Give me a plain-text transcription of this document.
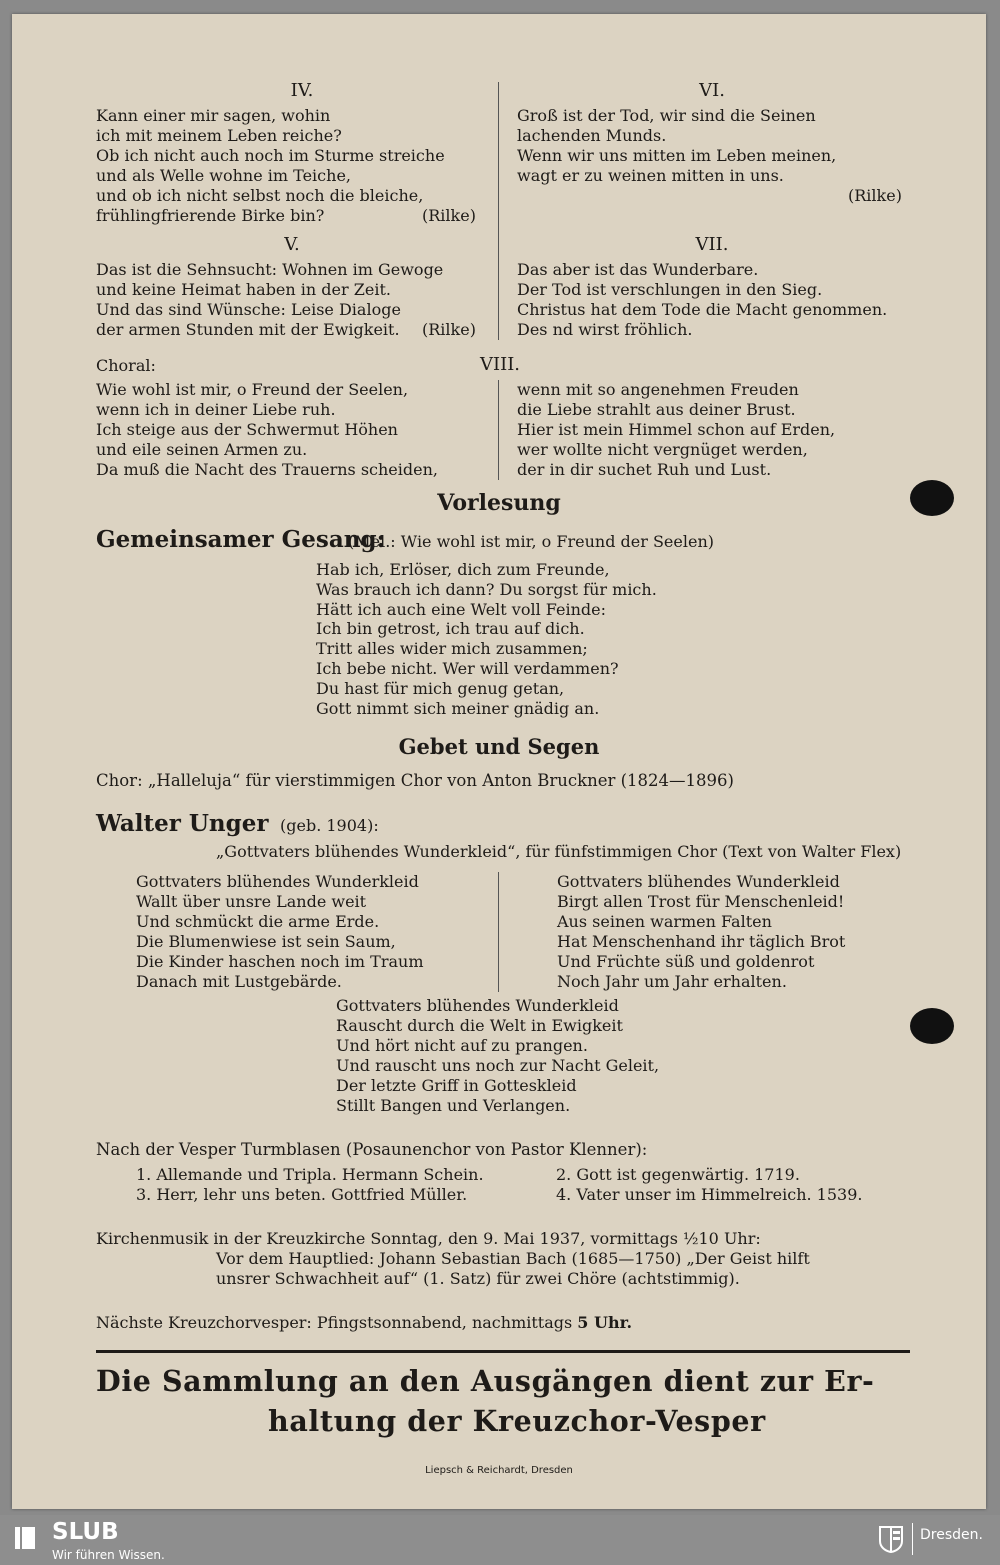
IV.
Kann einer mir sagen, wohin
ich mit meinem Leben reiche?
Ob ich nicht auch noch im Sturme streiche
und als Welle wohne im Teiche,
und ob ich nicht selbst noch die bleiche,
frühlingfrierende Birke bin?	(Rilke)
V.
Das ist die Sehnsucht: Wohnen im Gewoge
und keine Heimat haben in der Zeit.
Und das sind Wünsche: Leise Dialoge
der armen Stunden mit der Ewigkeit.	(Rilke)
VI.
Groß ist der Tod, wir sind die Seinen
lachenden Munds.
Wenn wir uns mitten im Leben meinen,
wagt er zu weinen mitten in uns.
(Rilke)
VII.
Das aber ist das Wunderbare.
Der Tod ist verschlungen in den Sieg.
Christus hat dem Tode die Macht genommen.
Des nd wirst fröhlich.
Choral:	VIII.
Wie wohl ist mir, o Freund der Seelen,
wenn ich in deiner Liebe ruh.
Ich steige aus der Schwermut Höhen
und eile seinen Armen zu.
Da muß die Nacht des Trauerns scheiden,
wenn mit so angenehmen Freuden
die Liebe strahlt aus deiner Brust.
Hier ist mein Himmel schon auf Erden,
wer wollte nicht vergnüget werden,
der in dir suchet Ruh und Lust.
Vorlesung
Gemeinsamer Gesang:
(Mel.: Wie wohl ist mir, o Freund der Seelen)
Hab ich, Erlöser, dich zum Freunde,
Was brauch ich dann? Du sorgst für mich.
Hätt ich auch eine Welt voll Feinde:
Ich bin getrost, ich trau auf dich.
Tritt alles wider mich zusammen;
Ich bebe nicht. Wer will verdammen?
Du hast für mich genug getan,
Gott nimmt sich meiner gnädig an.
Gebet und Segen
Chor: „Halleluja“ für vierstimmigen Chor von Anton Bruckner (1824—1896)
Walter Unger (geb. 1904):
„Gottvaters blühendes Wunderkleid“, für fünfstimmigen Chor (Text von Walter Flex)
Gottvaters blühendes Wunderkleid
Wallt über unsre Lande weit
Und schmückt die arme Erde.
Die Blumenwiese ist sein Saum,
Die Kinder haschen noch im Traum
Danach mit Lustgebärde.
Gottvaters blühendes Wunderkleid
Birgt allen Trost für Menschenleid!
Aus seinen warmen Falten
Hat Menschenhand ihr täglich Brot
Und Früchte süß und goldenrot
Noch Jahr um Jahr erhalten.
Gottvaters blühendes Wunderkleid
Rauscht durch die Welt in Ewigkeit
Und hört nicht auf zu prangen.
Und rauscht uns noch zur Nacht Geleit,
Der letzte Griff in Gotteskleid
Stillt Bangen und Verlangen.
Nach der Vesper Turmblasen (Posaunenchor von Pastor Klenner):
1. Allemande und Tripla. Hermann Schein.	2. Gott ist gegenwärtig. 1719.
3. Herr, lehr uns beten. Gottfried Müller.	4. Vater unser im Himmelreich. 1539.
Kirchenmusik in der Kreuzkirche Sonntag, den 9. Mai 1937, vormittags ½10 Uhr:
Vor dem Hauptlied: Johann Sebastian Bach (1685—1750) „Der Geist hilft
unsrer Schwachheit auf“ (1. Satz) für zwei Chöre (achtstimmig).
Nächste Kreuzchorvesper: Pfingstsonnabend, nachmittags 5 Uhr.
Die Sammlung an den Ausgängen dient zur Er-
haltung der Kreuzchor-Vesper
Liepsch & Reichardt, Dresden
SLUB
Wir führen Wissen.
Dresden.
